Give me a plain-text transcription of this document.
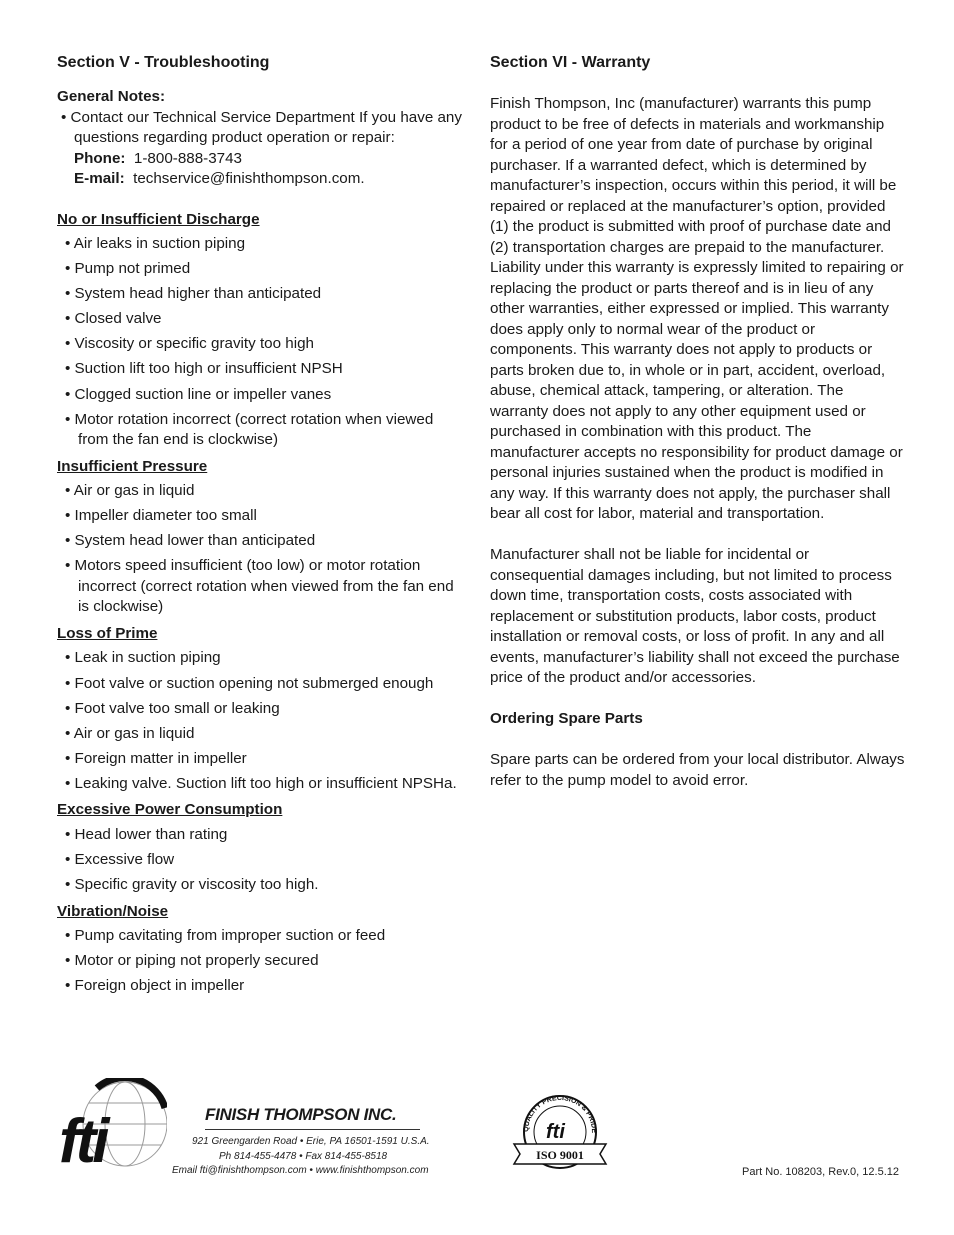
Section V - Troubleshooting

General Notes:

• Contact our Technical Service Department If you have any

questions regarding product operation or repair:

Phone: 1-800-888-3743

E-mail: techservice@finishthompson.com.

No or Insufficient Discharge

• Air leaks in suction piping
• Pump not primed
• System head higher than anticipated
• Closed valve
• Viscosity or specific gravity too high
• Suction lift too high or insufficient NPSH
• Clogged suction line or impeller vanes
• Motor rotation incorrect (correct rotation when viewed from the fan end is clockwise)

Insufficient Pressure

• Air or gas in liquid
• Impeller diameter too small
• System head lower than anticipated
• Motors speed insufficient (too low) or motor rotation incorrect (correct rotation when viewed from the fan end is clockwise)

Loss of Prime

• Leak in suction piping
• Foot valve or suction opening not submerged enough
• Foot valve too small or leaking
• Air or gas in liquid
• Foreign matter in impeller
• Leaking valve. Suction lift too high or insufficient NPSHa.

Excessive Power Consumption

• Head lower than rating
• Excessive flow
• Specific gravity or viscosity too high.

Vibration/Noise

• Pump cavitating from improper suction or feed
• Motor or piping not properly secured
• Foreign object in impeller
Section VI - Warranty

Finish Thompson, Inc (manufacturer) warrants this pump product to be free of defects in materials and workmanship for a period of one year from date of purchase by original purchaser. If a warranted defect, which is determined by manufacturer’s inspection, occurs within this period, it will be repaired or replaced at the manufacturer’s option, provided (1) the product is submitted with proof of purchase date and (2) transportation charges are prepaid to the manufacturer. Liability under this warranty is expressly limited to repairing or replacing the product or parts thereof and is in lieu of any other warranties, either expressed or implied. This warranty does apply only to normal wear of the product or components. This warranty does not apply to products or parts broken due to, in whole or in part, accident, overload, abuse, chemical attack, tampering, or alteration. The warranty does not apply to any other equipment used or purchased in combination with this product. The manufacturer accepts no responsibility for product damage or personal injuries sustained when the product is modified in any way. If this warranty does not apply, the purchaser shall bear all cost for labor, material and transportation.

Manufacturer shall not be liable for incidental or consequential damages including, but not limited to process down time, transportation costs, costs associated with replacement or substitution products, labor costs, product installation or removal costs, or loss of profit. In any and all events, manufacturer’s liability shall not exceed the purchase price of the product and/or accessories.

Ordering Spare Parts

Spare parts can be ordered from your local distributor. Always refer to the pump model to avoid error.

fti	FINISH THOMPSON INC.
921 Greengarden Road • Erie, PA 16501-1591 U.S.A.
Ph 814-455-4478 • Fax 814-455-8518
Email fti@finishthompson.com • www.finishthompson.com
QUALITY PRECISION & PRIDE
fti
ISO 9001
Part No. 108203, Rev.0, 12.5.12
